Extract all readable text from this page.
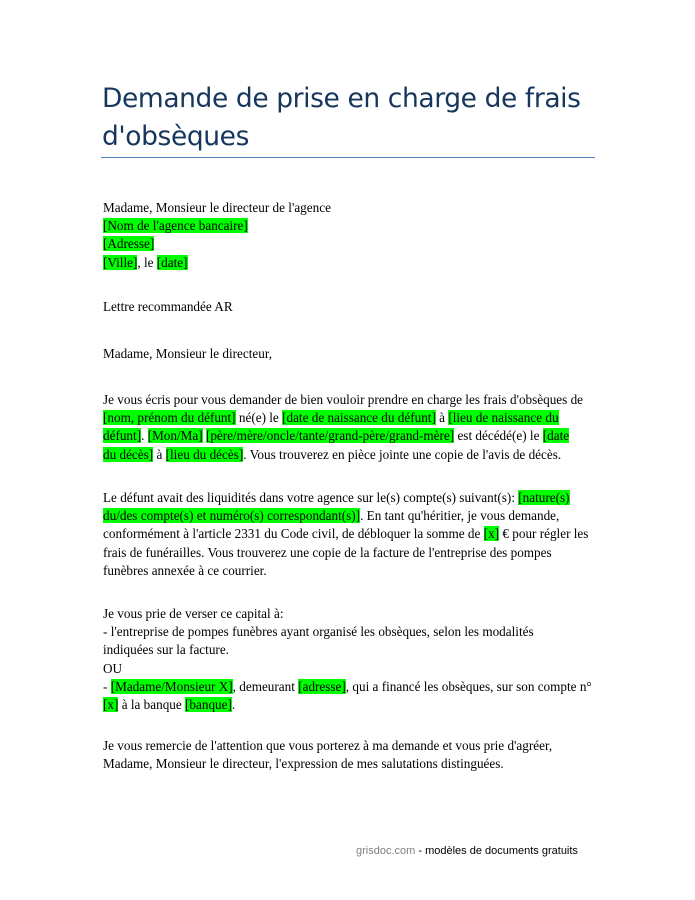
Demande de prise en charge de frais
d'obsèques
Madame, Monsieur le directeur de l'agence
[Nom de l'agence bancaire]
[Adresse]
[Ville], le [date]
Lettre recommandée AR
Madame, Monsieur le directeur,
Je vous écris pour vous demander de bien vouloir prendre en charge les frais d'obsèques de
[nom, prénom du défunt] né(e) le [date de naissance du défunt] à [lieu de naissance du
défunt]. [Mon/Ma] [père/mère/oncle/tante/grand-père/grand-mère] est décédé(e) le [date
du décès] à [lieu du décès]. Vous trouverez en pièce jointe une copie de l'avis de décès.
Le défunt avait des liquidités dans votre agence sur le(s) compte(s) suivant(s): [nature(s)
du/des compte(s) et numéro(s) correspondant(s)]. En tant qu'héritier, je vous demande,
conformément à l'article 2331 du Code civil, de débloquer la somme de [x] € pour régler les
frais de funérailles. Vous trouverez une copie de la facture de l'entreprise des pompes
funèbres annexée à ce courrier.
Je vous prie de verser ce capital à:
- l'entreprise de pompes funèbres ayant organisé les obsèques, selon les modalités
indiquées sur la facture.
OU
- [Madame/Monsieur X], demeurant [adresse], qui a financé les obsèques, sur son compte n°
[x] à la banque [banque].
Je vous remercie de l'attention que vous porterez à ma demande et vous prie d'agréer,
Madame, Monsieur le directeur, l'expression de mes salutations distinguées.
grisdoc.com - modèles de documents gratuits
